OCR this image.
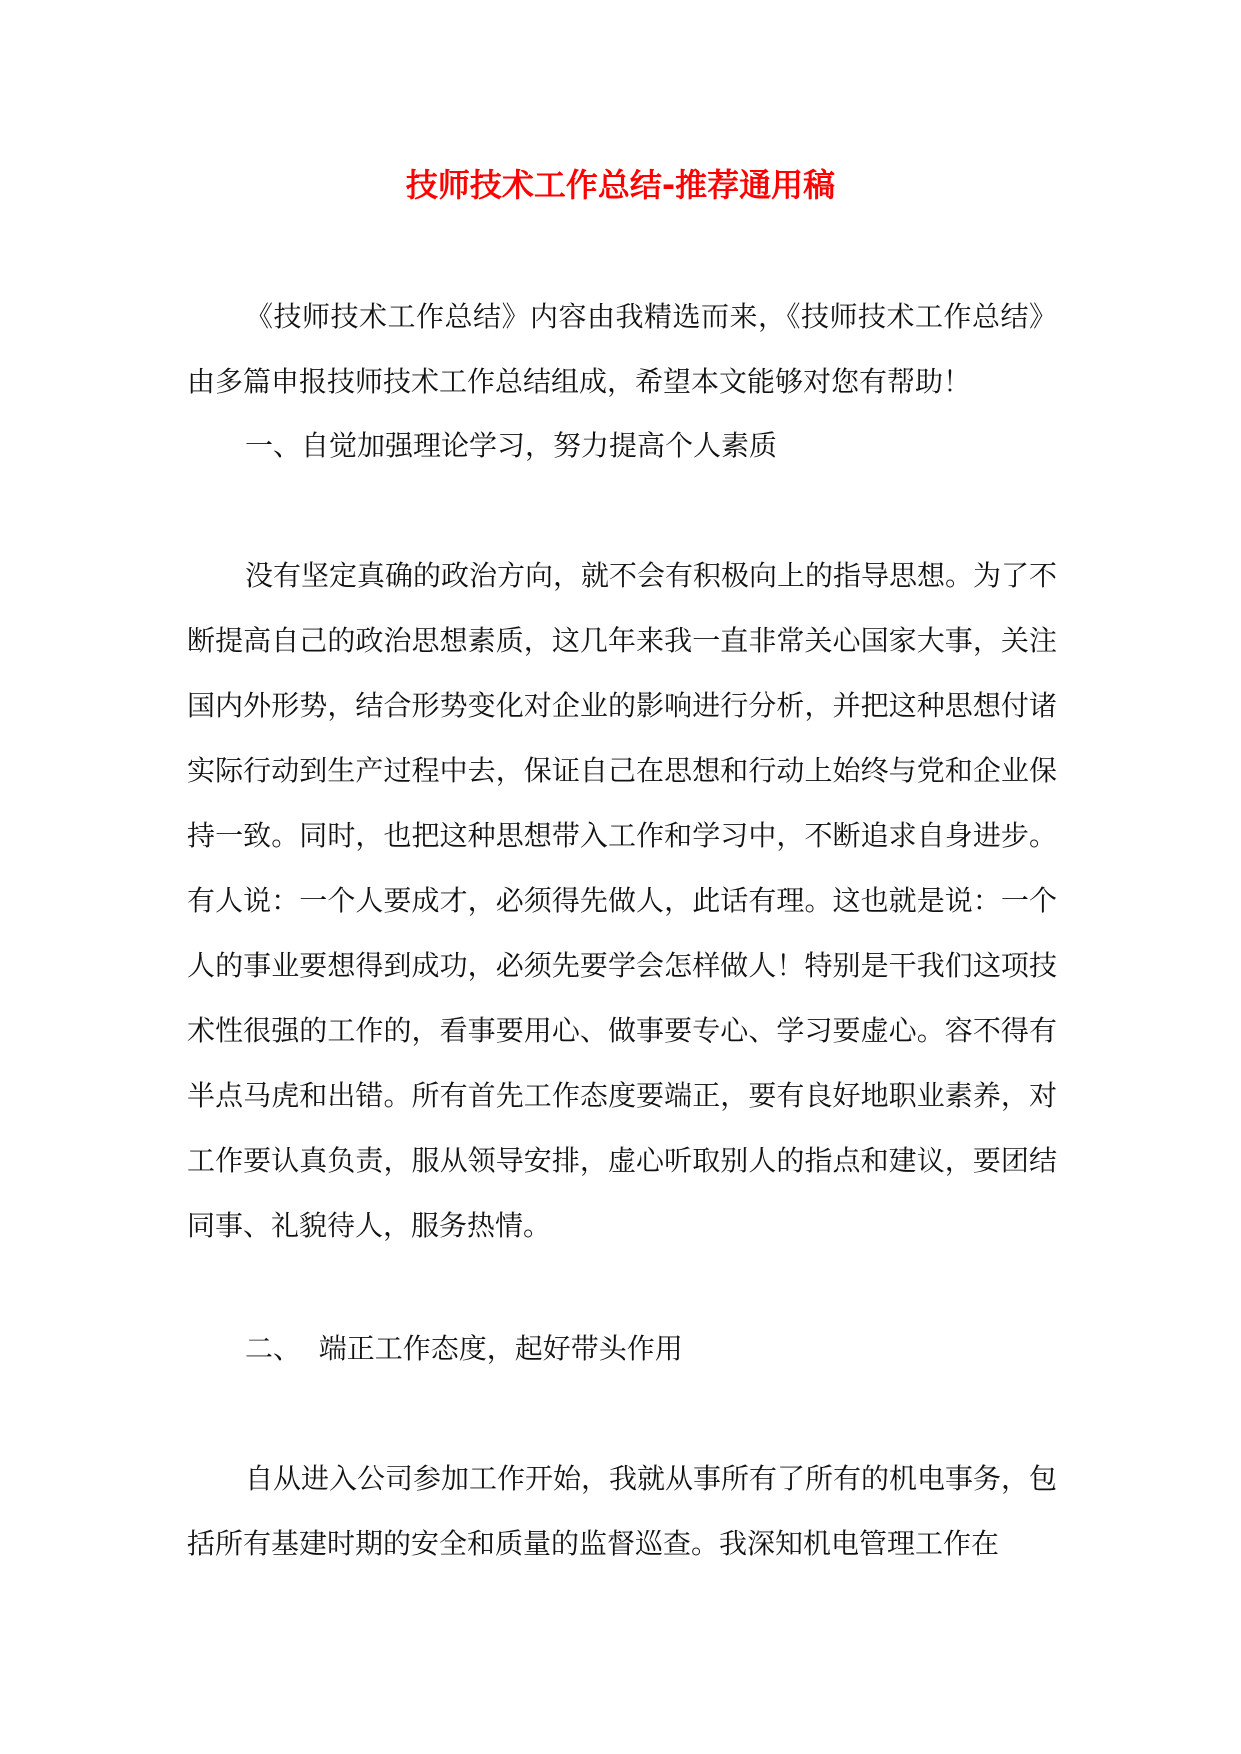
技师技术工作总结-推荐通用稿
《技师技术工作总结》内容由我精选而来，《技师技术工作总结》由多篇申报技师技术工作总结组成，希望本文能够对您有帮助！
一、自觉加强理论学习，努力提高个人素质
没有坚定真确的政治方向，就不会有积极向上的指导思想。为了不断提高自己的政治思想素质，这几年来我一直非常关心国家大事，关注国内外形势，结合形势变化对企业的影响进行分析，并把这种思想付诸实际行动到生产过程中去，保证自己在思想和行动上始终与党和企业保持一致。同时，也把这种思想带入工作和学习中，不断追求自身进步。有人说：一个人要成才，必须得先做人，此话有理。这也就是说：一个人的事业要想得到成功，必须先要学会怎样做人！特别是干我们这项技术性很强的工作的，看事要用心、做事要专心、学习要虚心。容不得有半点马虎和出错。所有首先工作态度要端正，要有良好地职业素养，对工作要认真负责，服从领导安排，虚心听取别人的指点和建议，要团结同事、礼貌待人，服务热情。
二、  端正工作态度，起好带头作用
自从进入公司参加工作开始，我就从事所有了所有的机电事务，包括所有基建时期的安全和质量的监督巡查。我深知机电管理工作在
